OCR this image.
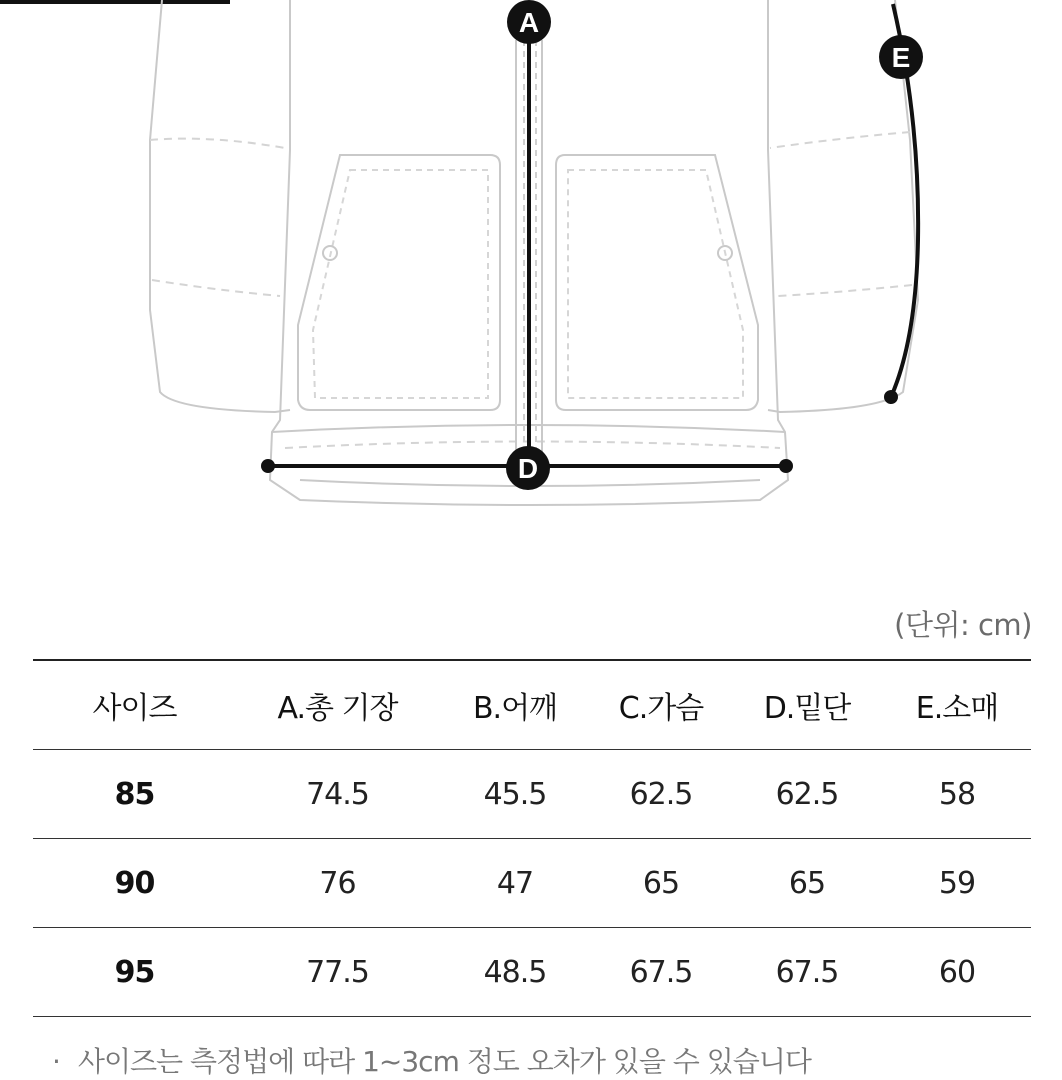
A
D
E
(단위: cm)
사이즈	A.총 기장	B.어깨	C.가슴	D.밑단	E.소매
85	74.5	45.5	62.5	62.5	58
90	76	47	65	65	59
95	77.5	48.5	67.5	67.5	60
· 사이즈는 측정법에 따라 1~3cm 정도 오차가 있을 수 있습니다
